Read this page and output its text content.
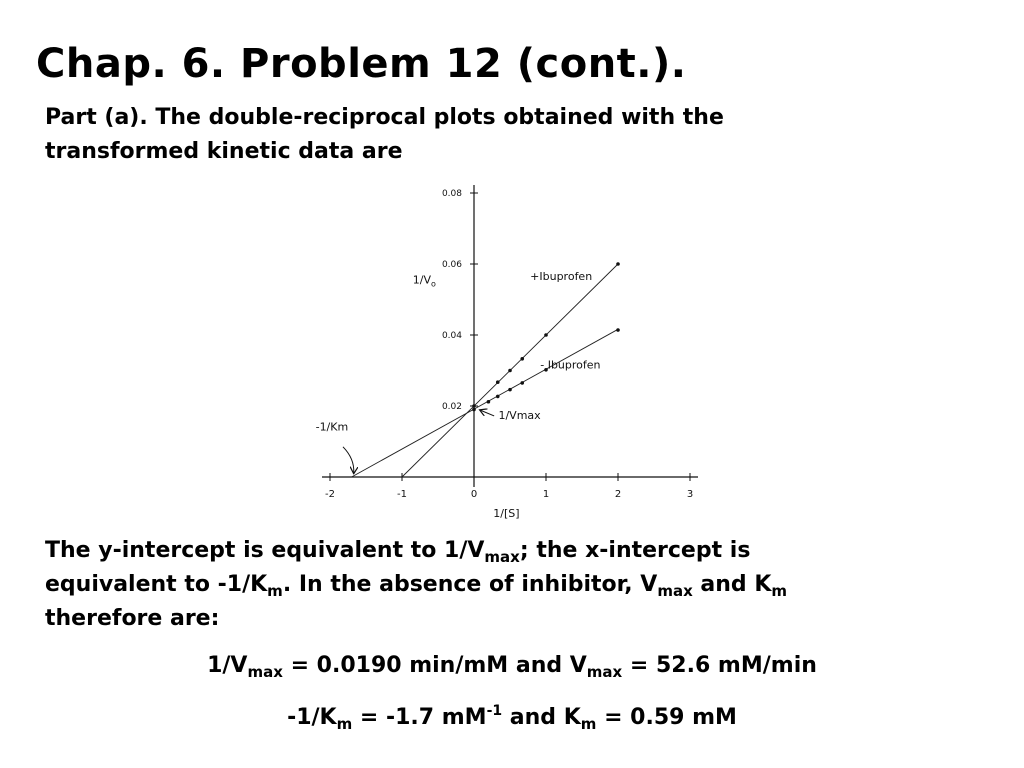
Chap. 6. Problem 12 (cont.).

Part (a). The double-reciprocal plots obtained with the

transformed kinetic data are

-2	-1	0	1	2	3
0.02
0.04
0.06
0.08
$1/V_o$
1/[S]
+Ibuprofen
- Ibuprofen
-1/Km
1/Vmax

The y-intercept is equivalent to $1/V_{max}$; the x-intercept is

equivalent to $-1/K_m$. In the absence of inhibitor, $V_{max}$ and $K_m$

therefore are:

$1/V_{max} = 0.0190$ min/mM and $V_{max} = 52.6$ mM/min

$-1/K_m = -1.7$ $mM^{-1}$ and $K_m = 0.59$ mM
